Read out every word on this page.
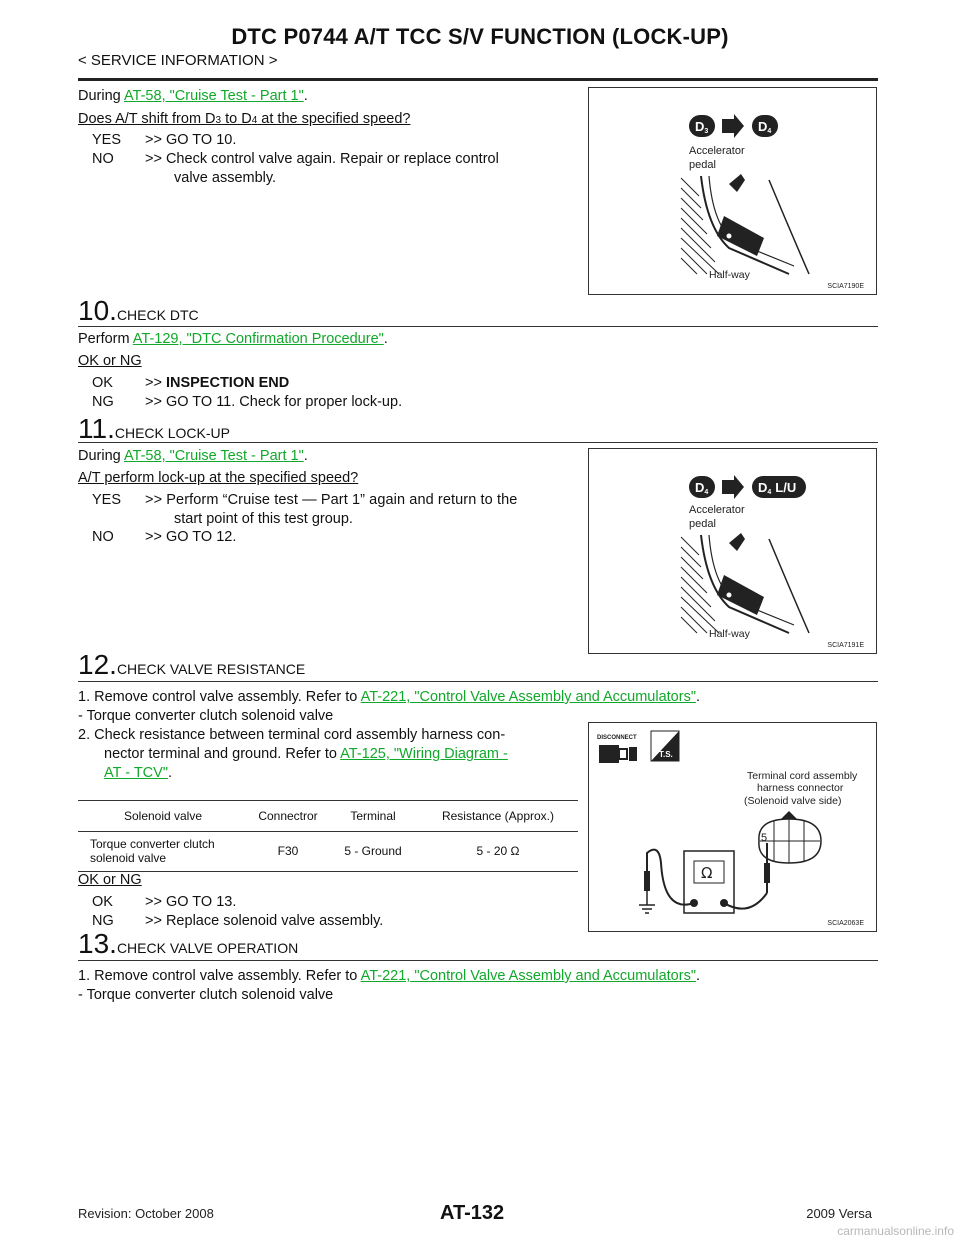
DTC P0744 A/T TCC S/V FUNCTION (LOCK-UP)
< SERVICE INFORMATION >
During AT-58, "Cruise Test - Part 1".
Does A/T shift from D3 to D4 at the specified speed?
YES >> GO TO 10.
NO >> Check control valve again. Repair or replace control
valve assembly.
D3	D4
Accelerator
pedal
Half-way
SCIA7190E
10.CHECK DTC
Perform AT-129, "DTC Confirmation Procedure".
OK or NG
OK >> INSPECTION END
NG >> GO TO 11. Check for proper lock-up.
11.CHECK LOCK-UP
During AT-58, "Cruise Test - Part 1".
A/T perform lock-up at the specified speed?
YES >> Perform “Cruise test — Part 1” again and return to the
start point of this test group.
NO >> GO TO 12.
D4	D4 L/U
Accelerator
pedal
Half-way
SCIA7191E
12.CHECK VALVE RESISTANCE
1. Remove control valve assembly. Refer to AT-221, "Control Valve Assembly and Accumulators".
- Torque converter clutch solenoid valve
2. Check resistance between terminal cord assembly harness con-
nector terminal and ground. Refer to AT-125, "Wiring Diagram -
AT - TCV".
Solenoid valve	Connectror	Terminal	Resistance (Approx.)

Torque converter clutch
solenoid valve	F30	5 - Ground	5 - 20 Ω
OK or NG
OK >> GO TO 13.
NG >> Replace solenoid valve assembly.
DISCONNECT
T.S.
Terminal cord assembly
harness connector
(Solenoid valve side)
5
Ω
SCIA2063E
13.CHECK VALVE OPERATION
1. Remove control valve assembly. Refer to AT-221, "Control Valve Assembly and Accumulators".
- Torque converter clutch solenoid valve
Revision: October 2008	AT-132	2009 Versa
carmanualsonline.info
